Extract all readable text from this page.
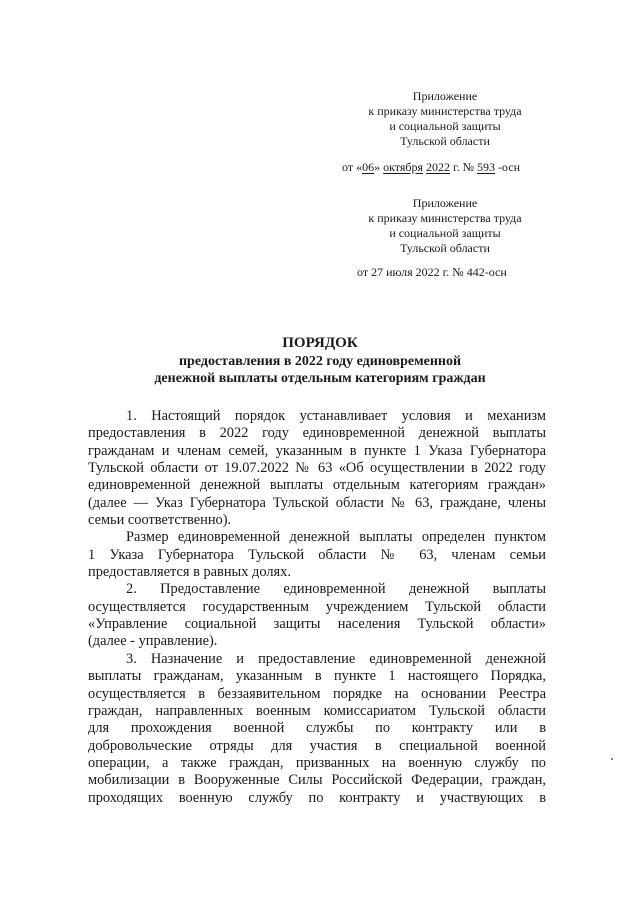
Приложение
к приказу министерства труда
и социальной защиты
Тульской области
от «06» октября 2022 г. № 593 -осн
Приложение
к приказу министерства труда
и социальной защиты
Тульской области
от 27 июля 2022 г. № 442-осн
ПОРЯДОК
предоставления в 2022 году единовременной
денежной выплаты отдельным категориям граждан
1. Настоящий порядок устанавливает условия и механизм
предоставления в 2022 году единовременной денежной выплаты
гражданам и членам семей, указанным в пункте 1 Указа Губернатора
Тульской области от 19.07.2022 № 63 «Об осуществлении в 2022 году
единовременной денежной выплаты отдельным категориям граждан»
(далее — Указ Губернатора Тульской области № 63, граждане, члены
семьи соответственно).
Размер единовременной денежной выплаты определен пунктом
1 Указа Губернатора Тульской области № 63, членам семьи
предоставляется в равных долях.
2. Предоставление единовременной денежной выплаты
осуществляется государственным учреждением Тульской области
«Управление социальной защиты населения Тульской области»
(далее - управление).
3. Назначение и предоставление единовременной денежной
выплаты гражданам, указанным в пункте 1 настоящего Порядка,
осуществляется в беззаявительном порядке на основании Реестра
граждан, направленных военным комиссариатом Тульской области
для прохождения военной службы по контракту или в
добровольческие отряды для участия в специальной военной
операции, а также граждан, призванных на военную службу по
мобилизации в Вооруженные Силы Российской Федерации, граждан,
проходящих военную службу по контракту и участвующих в
